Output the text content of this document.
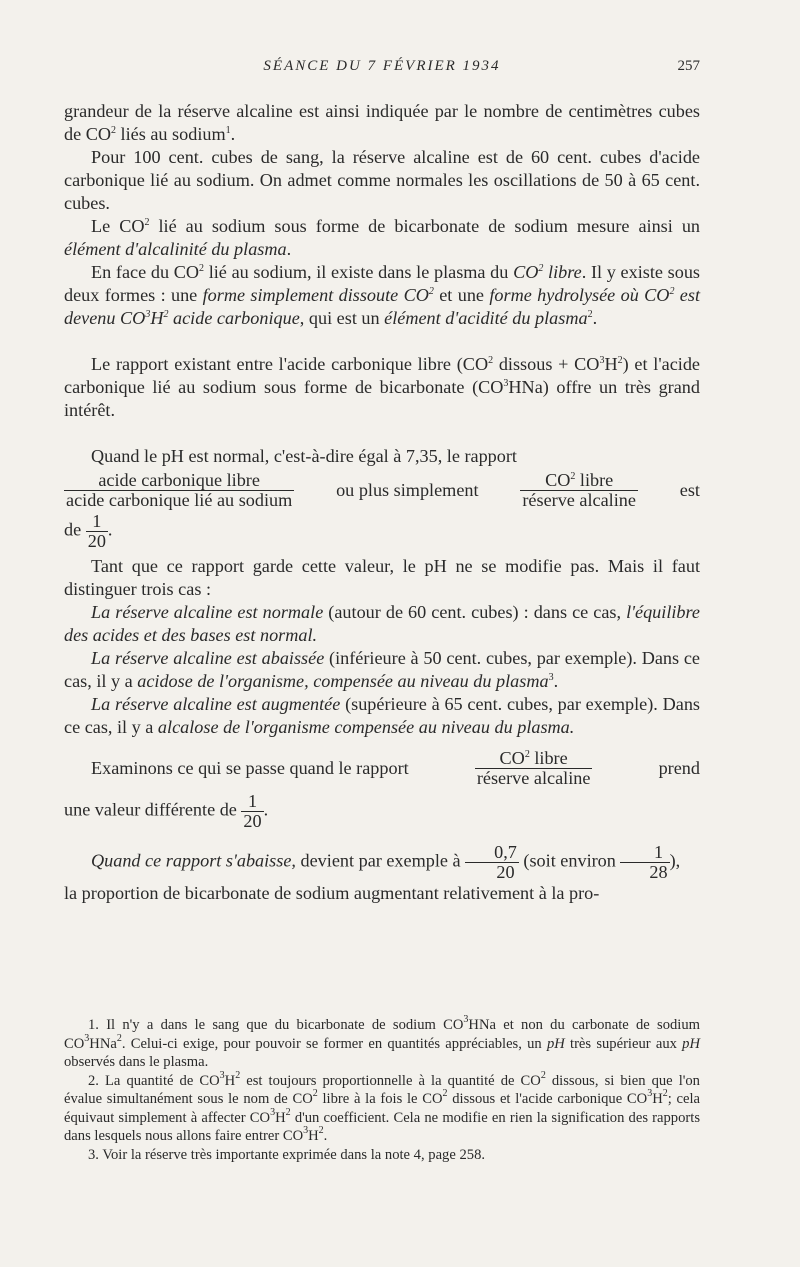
SÉANCE DU 7 FÉVRIER 1934	257

grandeur de la réserve alcaline est ainsi indiquée par le nombre de centimètres cubes de $CO^2$ liés au sodium$^1$.

Pour 100 cent. cubes de sang, la réserve alcaline est de 60 cent. cubes d'acide carbonique lié au sodium. On admet comme normales les oscillations de 50 à 65 cent. cubes.

Le $CO^2$ lié au sodium sous forme de bicarbonate de sodium mesure ainsi un élément d'alcalinité du plasma.

En face du $CO^2$ lié au sodium, il existe dans le plasma du $CO^2$ libre. Il y existe sous deux formes : une forme simplement dissoute $CO^2$ et une forme hydrolysée où $CO^2$ est devenu $CO^3H^2$ acide carbonique, qui est un élément d'acidité du plasma$^2$.

Le rapport existant entre l'acide carbonique libre ($CO^2$ dissous + $CO^3H^2$) et l'acide carbonique lié au sodium sous forme de bicarbonate $(CO^3HNa)$ offre un très grand intérêt.

Quand le pH est normal, c'est-à-dire égal à 7,35, le rapport

$\frac{\text{acide carbonique libre}}{\text{acide carbonique lié au sodium}}$ ou plus simplement $\frac{CO^2 libre}{\text{réserve alcaline}}$ est

de $\frac{1}{20}$ .

Tant que ce rapport garde cette valeur, le pH ne se modifie pas. Mais il faut distinguer trois cas :

La réserve alcaline est normale (autour de 60 cent. cubes) : dans ce cas, l'équilibre des acides et des bases est normal.

La réserve alcaline est abaissée (inférieure à 50 cent. cubes, par exemple). Dans ce cas, il y a acidose de l'organisme, compensée au niveau du plasma$^3$.

La réserve alcaline est augmentée (supérieure à 65 cent. cubes, par exemple). Dans ce cas, il y a alcalose de l'organisme compensée au niveau du plasma.

Examinons ce qui se passe quand le rapport	$\frac{CO^2 libre}{\text{réserve alcaline}}$	prend

une valeur différente de $\frac{1}{20}$ .

Quand ce rapport s'abaisse, devient par exemple à $\frac{0,7}{20}$ (soit environ $\frac{1}{28}$ ),

la proportion de bicarbonate de sodium augmentant relativement à la pro-

1. Il n'y a dans le sang que du bicarbonate de sodium $CO^3HNa$ et non du carbonate de sodium $CO^3HNa^2$. Celui-ci exige, pour pouvoir se former en quantités appréciables, un pH très supérieur aux pH observés dans le plasma.

2. La quantité de $CO^3H^2$ est toujours proportionnelle à la quantité de $CO^2$ dissous, si bien que l'on évalue simultanément sous le nom de $CO^2$ libre à la fois le $CO^2$ dissous et l'acide carbonique $CO^3H^2$; cela équivaut simplement à affecter $CO^3H^2$ d'un coefficient. Cela ne modifie en rien la signification des rapports dans lesquels nous allons faire entrer $CO^3H^2$.

3. Voir la réserve très importante exprimée dans la note 4, page 258.
